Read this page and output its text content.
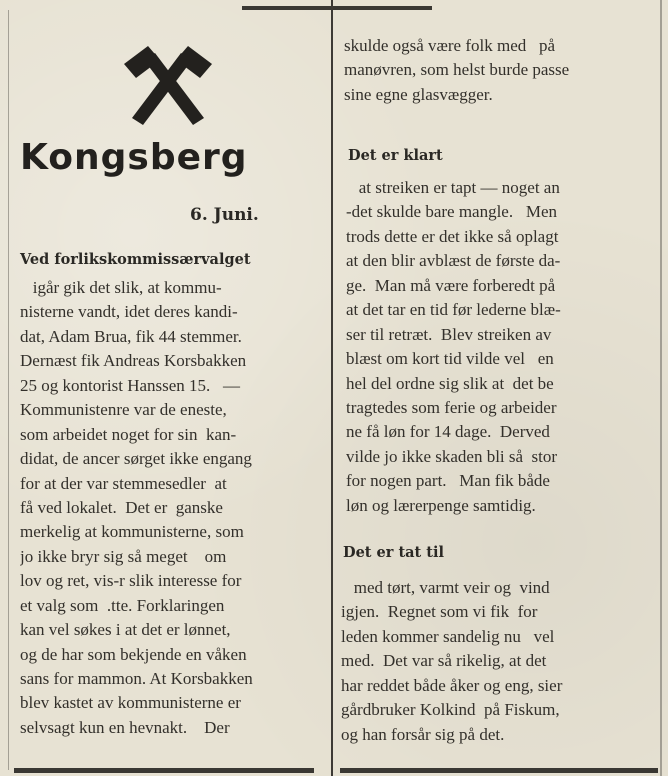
Kongsberg
6. Juni.
Ved forlikskommissærvalget
igår gik det slik, at kommu-
nisterne vandt, idet deres kandi-
dat, Adam Brua, fik 44 stemmer.
Dernæst fik Andreas Korsbakken
25 og kontorist Hanssen 15.   —
Kommunistenre var de eneste,
som arbeidet noget for sin  kan-
didat, de ancer sørget ikke engang
for at der var stemmesedler  at
få ved lokalet.  Det er  ganske
merkelig at kommunisterne, som
jo ikke bryr sig så meget    om
lov og ret, vis-r slik interesse for
et valg som  .tte. Forklaringen
kan vel søkes i at det er lønnet,
og de har som bekjende en våken
sans for mammon. At Korsbakken
blev kastet av kommunisterne er
selvsagt kun en hevnakt.    Der
skulde også være folk med   på
manøvren, som helst burde passe
sine egne glasvægger.
Det er klart
at streiken er tapt — noget an
-det skulde bare mangle.   Men
trods dette er det ikke så oplagt
at den blir avblæst de første da-
ge.  Man må være forberedt på
at det tar en tid før lederne blæ-
ser til retræt.  Blev streiken av
blæst om kort tid vilde vel   en
hel del ordne sig slik at  det be
tragtedes som ferie og arbeider
ne få løn for 14 dage.  Derved
vilde jo ikke skaden bli så  stor
for nogen part.   Man fik både
løn og lærerpenge samtidig.
Det er tat til
med tørt, varmt veir og  vind
igjen.  Regnet som vi fik  for
leden kommer sandelig nu   vel
med.  Det var så rikelig, at det
har reddet både åker og eng, sier
gårdbruker Kolkind  på Fiskum,
og han forsår sig på det.
